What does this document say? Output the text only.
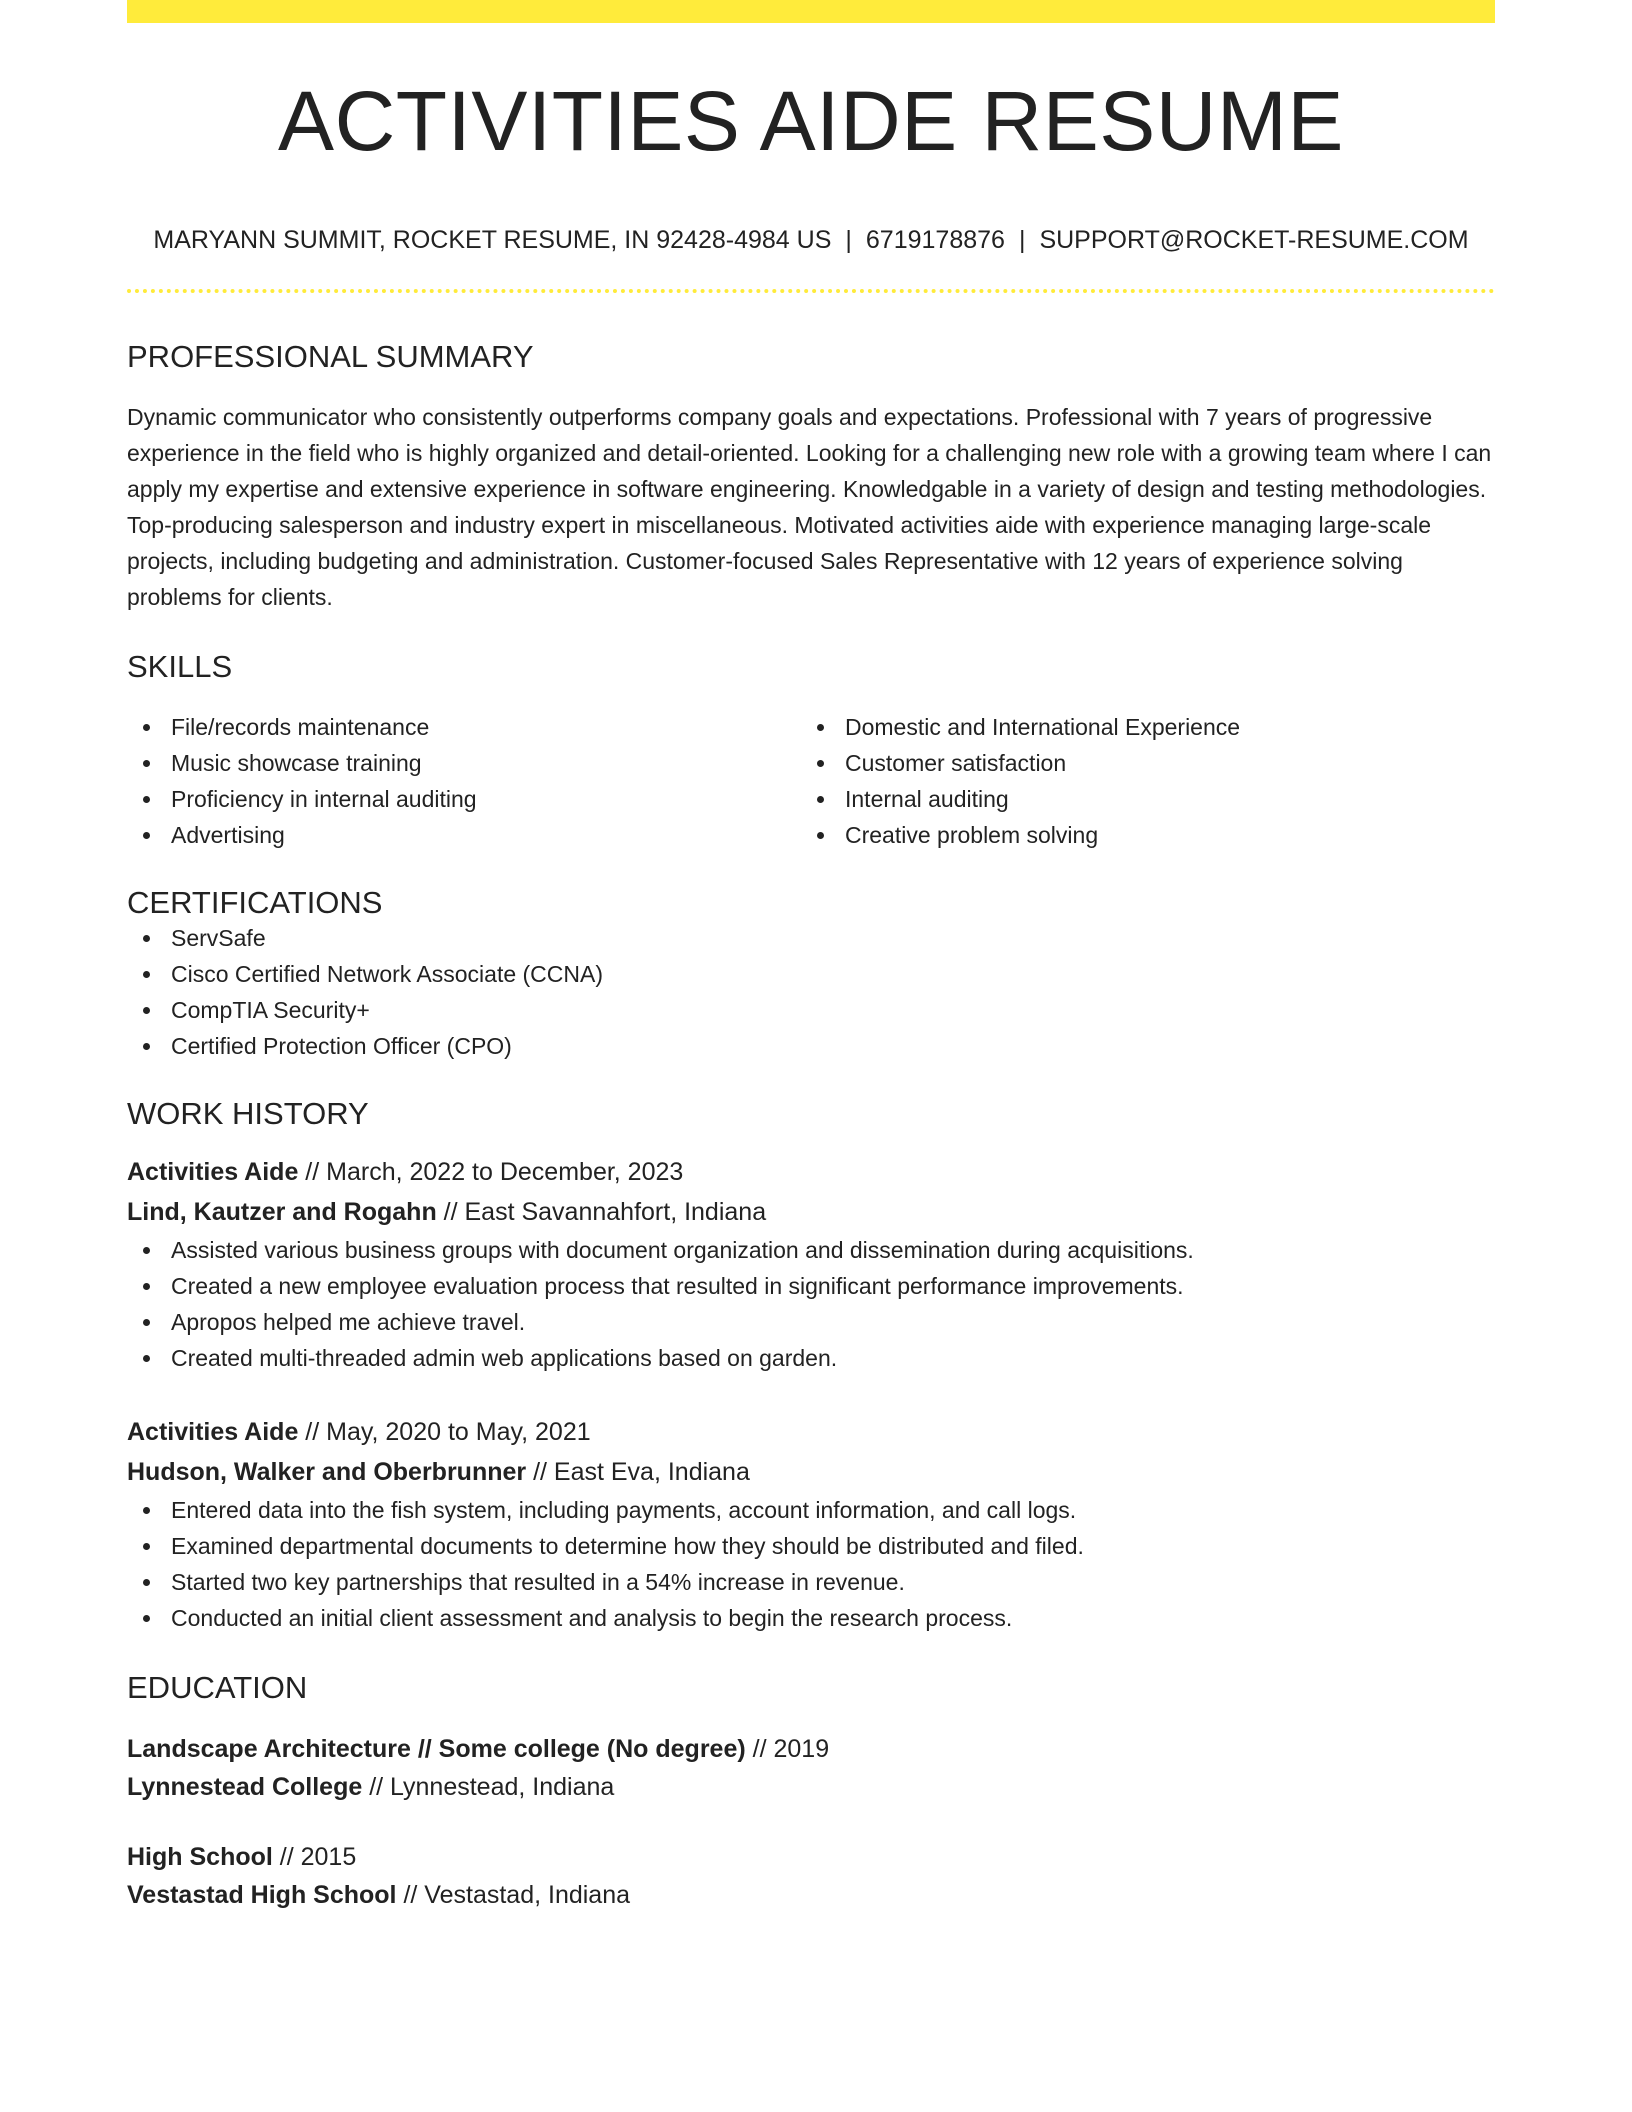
ACTIVITIES AIDE RESUME
MARYANN SUMMIT, ROCKET RESUME, IN 92428-4984 US | 6719178876 | SUPPORT@ROCKET-RESUME.COM
PROFESSIONAL SUMMARY

Dynamic communicator who consistently outperforms company goals and expectations. Professional with 7 years of progressive experience in the field who is highly organized and detail-oriented. Looking for a challenging new role with a growing team where I can apply my expertise and extensive experience in software engineering. Knowledgable in a variety of design and testing methodologies. Top-producing salesperson and industry expert in miscellaneous. Motivated activities aide with experience managing large-scale projects, including budgeting and administration. Customer-focused Sales Representative with 12 years of experience solving problems for clients.

SKILLS
File/records maintenance
Music showcase training
Proficiency in internal auditing
Advertising
Domestic and International Experience
Customer satisfaction
Internal auditing
Creative problem solving
CERTIFICATIONS
ServSafe
Cisco Certified Network Associate (CCNA)
CompTIA Security+
Certified Protection Officer (CPO)
WORK HISTORY
Activities Aide // March, 2022 to December, 2023
Lind, Kautzer and Rogahn // East Savannahfort, Indiana
Assisted various business groups with document organization and dissemination during acquisitions.
Created a new employee evaluation process that resulted in significant performance improvements.
Apropos helped me achieve travel.
Created multi-threaded admin web applications based on garden.
Activities Aide // May, 2020 to May, 2021
Hudson, Walker and Oberbrunner // East Eva, Indiana
Entered data into the fish system, including payments, account information, and call logs.
Examined departmental documents to determine how they should be distributed and filed.
Started two key partnerships that resulted in a 54% increase in revenue.
Conducted an initial client assessment and analysis to begin the research process.
EDUCATION
Landscape Architecture // Some college (No degree) // 2019
Lynnestead College // Lynnestead, Indiana
High School // 2015
Vestastad High School // Vestastad, Indiana
